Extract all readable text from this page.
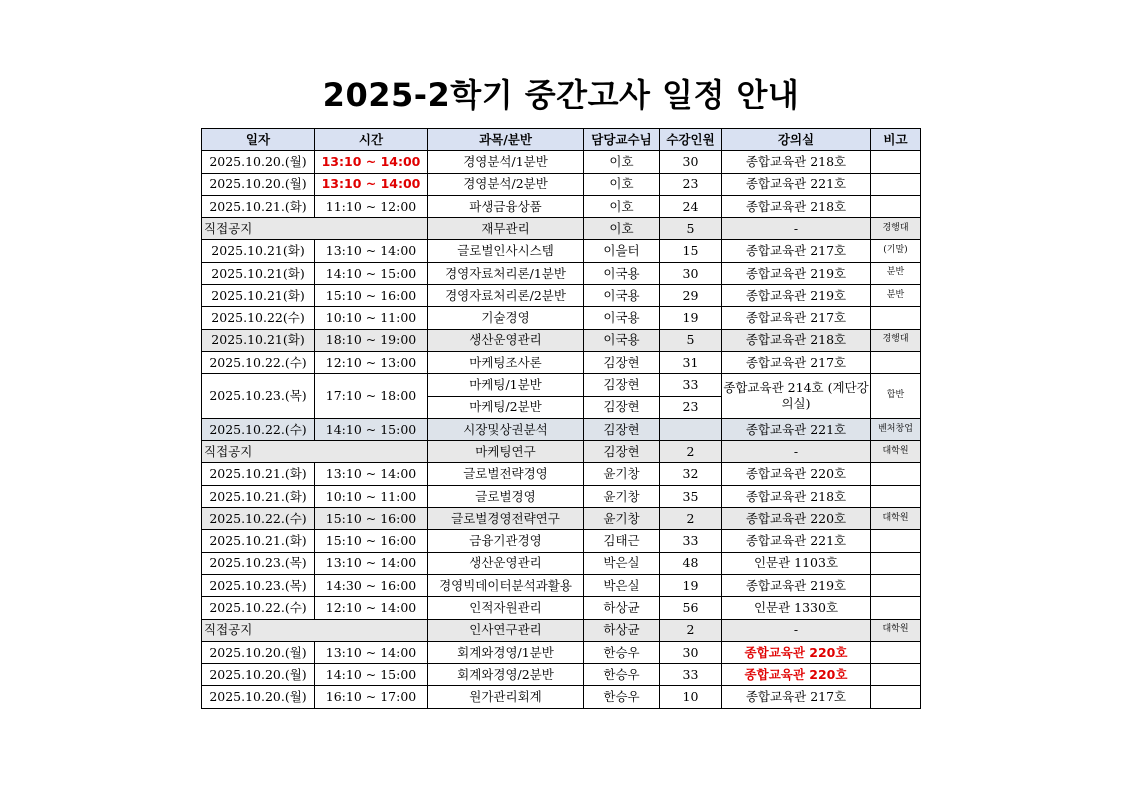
2025-2학기 중간고사 일정 안내
일자	시간	과목/분반	담당교수님	수강인원	강의실	비고
2025.10.20.(월)	13:10 ~ 14:00	경영분석/1분반	이호	30	종합교육관 218호	
2025.10.20.(월)	13:10 ~ 14:00	경영분석/2분반	이호	23	종합교육관 221호	
2025.10.21.(화)	11:10 ~ 12:00	파생금융상품	이호	24	종합교육관 218호	
직접공지		재무관리	이호	5	-	경행대
2025.10.21(화)	13:10 ~ 14:00	글로벌인사시스템	이을터	15	종합교육관 217호	(기말)
2025.10.21(화)	14:10 ~ 15:00	경영자료처리론/1분반	이국용	30	종합교육관 219호	분반
2025.10.21(화)	15:10 ~ 16:00	경영자료처리론/2분반	이국용	29	종합교육관 219호	분반
2025.10.22(수)	10:10 ~ 11:00	기술경영	이국용	19	종합교육관 217호	
2025.10.21(화)	18:10 ~ 19:00	생산운영관리	이국용	5	종합교육관 218호	경행대
2025.10.22.(수)	12:10 ~ 13:00	마케팅조사론	김장현	31	종합교육관 217호	
2025.10.23.(목)	17:10 ~ 18:00	마케팅/1분반	김장현	33	종합교육관 214호 (계단강의실)	합반
		마케팅/2분반	김장현	23		
2025.10.22.(수)	14:10 ~ 15:00	시장및상권분석	김장현		종합교육관 221호	벤처창업
직접공지		마케팅연구	김장현	2	-	대학원
2025.10.21.(화)	13:10 ~ 14:00	글로벌전략경영	윤기창	32	종합교육관 220호	
2025.10.21.(화)	10:10 ~ 11:00	글로벌경영	윤기창	35	종합교육관 218호	
2025.10.22.(수)	15:10 ~ 16:00	글로벌경영전략연구	윤기창	2	종합교육관 220호	대학원
2025.10.21.(화)	15:10 ~ 16:00	금융기관경영	김태근	33	종합교육관 221호	
2025.10.23.(목)	13:10 ~ 14:00	생산운영관리	박은실	48	인문관 1103호	
2025.10.23.(목)	14:30 ~ 16:00	경영빅데이터분석과활용	박은실	19	종합교육관 219호	
2025.10.22.(수)	12:10 ~ 14:00	인적자원관리	하상균	56	인문관 1330호	
직접공지		인사연구관리	하상균	2	-	대학원
2025.10.20.(월)	13:10 ~ 14:00	회계와경영/1분반	한승우	30	종합교육관 220호	
2025.10.20.(월)	14:10 ~ 15:00	회계와경영/2분반	한승우	33	종합교육관 220호	
2025.10.20.(월)	16:10 ~ 17:00	원가관리회계	한승우	10	종합교육관 217호	
